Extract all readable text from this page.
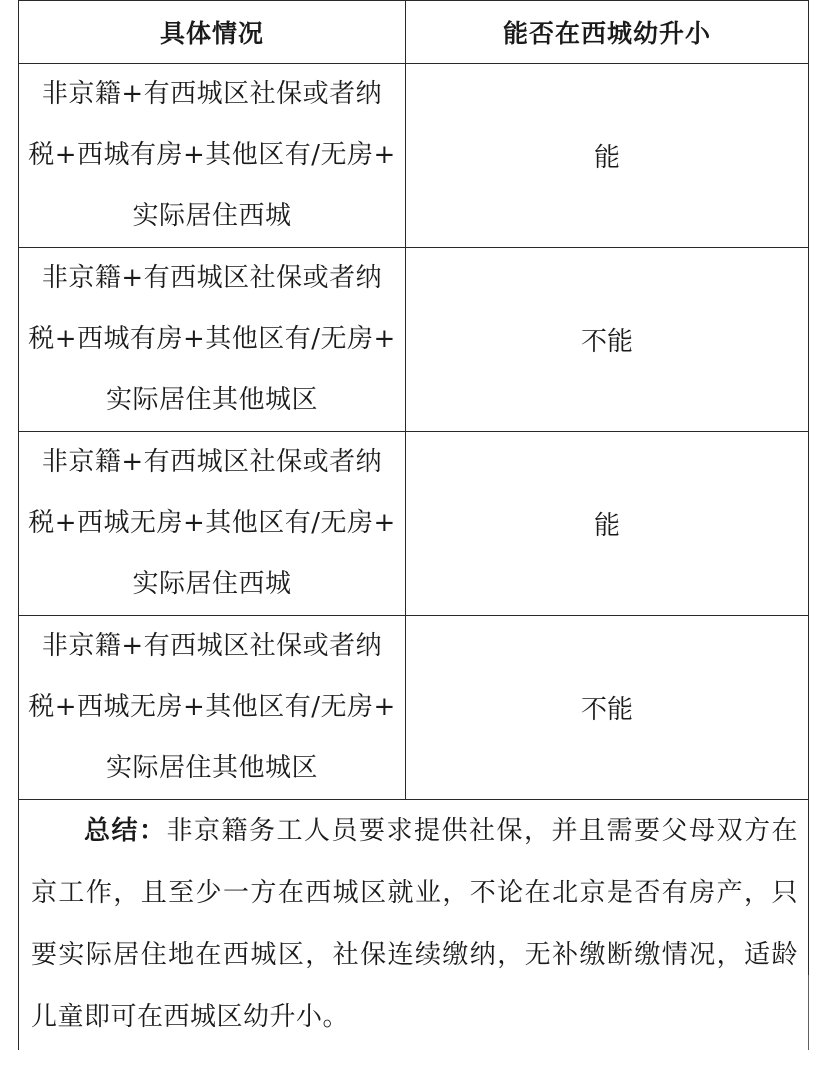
具体情况	能否在西城幼升小

非京籍+有西城区社保或者纳
税+西城有房+其他区有/无房+
实际居住西城	能

非京籍+有西城区社保或者纳
税+西城有房+其他区有/无房+
实际居住其他城区	不能

非京籍+有西城区社保或者纳
税+西城无房+其他区有/无房+
实际居住西城	能

非京籍+有西城区社保或者纳
税+西城无房+其他区有/无房+
实际居住其他城区	不能

总结：非京籍务工人员要求提供社保，并且需要父母双方在京工作，且至少一方在西城区就业，不论在北京是否有房产，只要实际居住地在西城区，社保连续缴纳，无补缴断缴情况，适龄儿童即可在西城区幼升小。	
